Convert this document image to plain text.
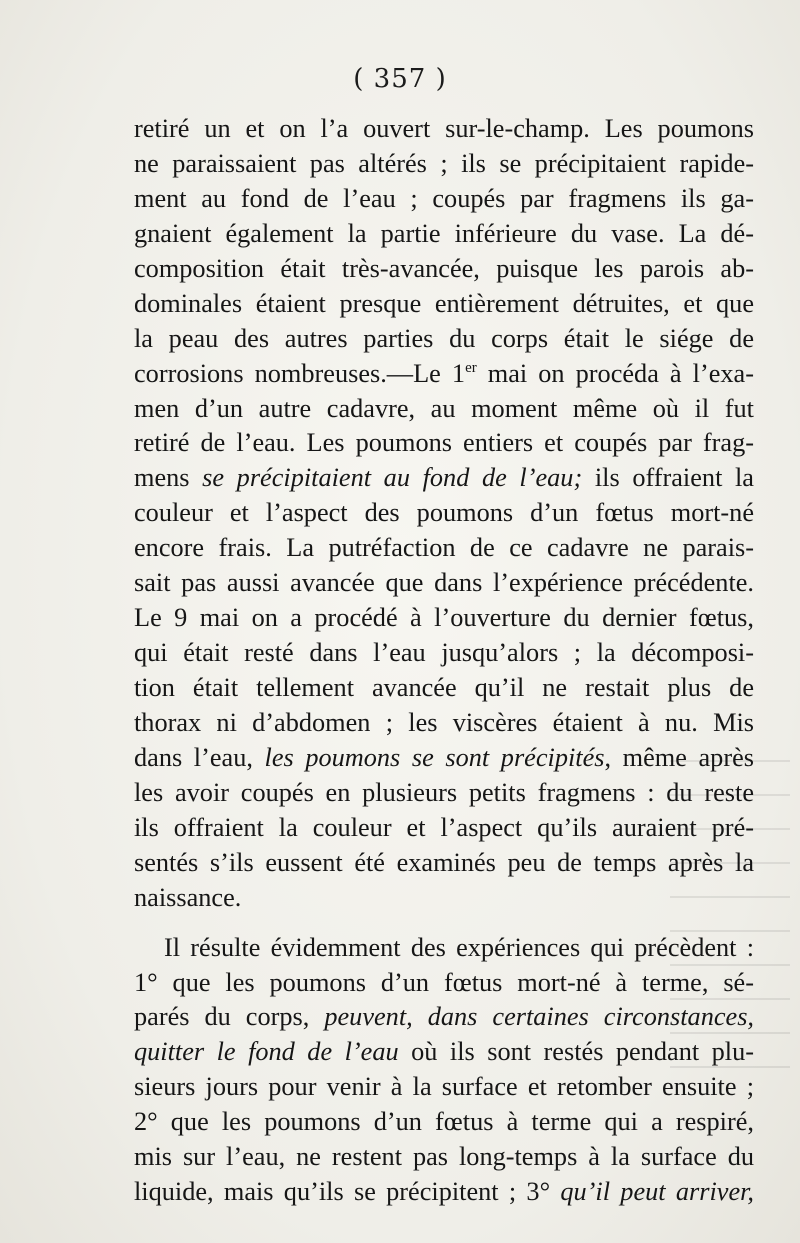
( 357 )
retiré un et on l’a ouvert sur-le-champ. Les poumons
ne paraissaient pas altérés ; ils se précipitaient rapide-
ment au fond de l’eau ; coupés par fragmens ils ga-
gnaient également la partie inférieure du vase. La dé-
composition était très-avancée, puisque les parois ab-
dominales étaient presque entièrement détruites, et que
la peau des autres parties du corps était le siége de
corrosions nombreuses.—Le 1er mai on procéda à l’exa-
men d’un autre cadavre, au moment même où il fut
retiré de l’eau. Les poumons entiers et coupés par frag-
mens se précipitaient au fond de l’eau; ils offraient la
couleur et l’aspect des poumons d’un fœtus mort-né
encore frais. La putréfaction de ce cadavre ne parais-
sait pas aussi avancée que dans l’expérience précédente.
Le 9 mai on a procédé à l’ouverture du dernier fœtus,
qui était resté dans l’eau jusqu’alors ; la décomposi-
tion était tellement avancée qu’il ne restait plus de
thorax ni d’abdomen ; les viscères étaient à nu. Mis
dans l’eau, les poumons se sont précipités, même après
les avoir coupés en plusieurs petits fragmens : du reste
ils offraient la couleur et l’aspect qu’ils auraient pré-
sentés s’ils eussent été examinés peu de temps après la
naissance.
Il résulte évidemment des expériences qui précèdent :
1° que les poumons d’un fœtus mort-né à terme, sé-
parés du corps, peuvent, dans certaines circonstances,
quitter le fond de l’eau où ils sont restés pendant plu-
sieurs jours pour venir à la surface et retomber ensuite ;
2° que les poumons d’un fœtus à terme qui a respiré,
mis sur l’eau, ne restent pas long-temps à la surface du
liquide, mais qu’ils se précipitent ; 3° qu’il peut arriver,
